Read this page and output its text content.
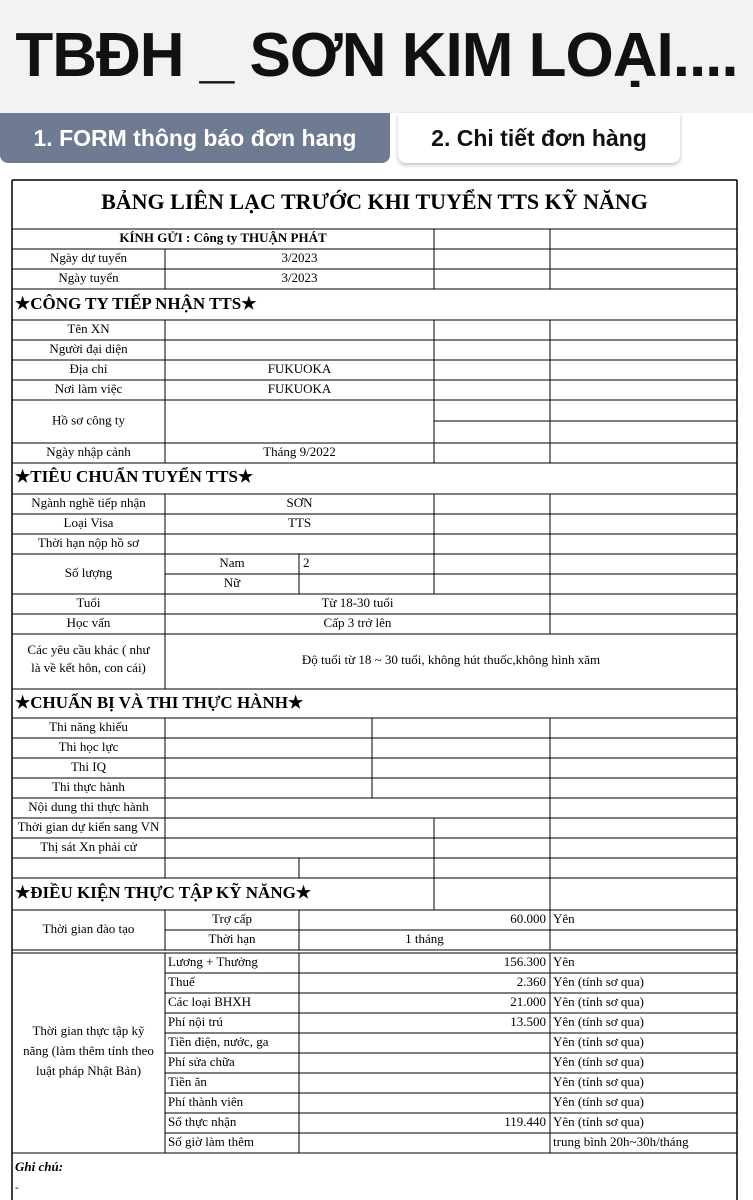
TBĐH _ SƠN KIM LOẠI....
1. FORM thông báo đơn hang	2. Chi tiết đơn hàng
BẢNG LIÊN LẠC TRƯỚC KHI TUYỂN TTS KỸ NĂNG
KÍNH GỬI : Công ty THUẬN PHÁT
Ngày dự tuyển	3/2023
Ngày tuyển	3/2023
★CÔNG TY TIẾP NHẬN TTS★
Tên XN
Người đại diện
Địa chỉ	FUKUOKA
Nơi làm việc	FUKUOKA
Hồ sơ công ty
Ngày nhập cảnh	Tháng 9/2022
★TIÊU CHUẨN TUYỂN TTS★
Ngành nghề tiếp nhận	SƠN
Loại Visa	TTS
Thời hạn nộp hồ sơ
Số lượng
Nam	2
Nữ
Tuổi	Từ 18-30 tuổi
Học vấn	Cấp 3 trở lên
Các yêu cầu khác ( như
là về kết hôn, con cái)
Độ tuổi từ 18 ~ 30 tuổi, không hút thuốc,không hình xăm
★CHUẨN BỊ VÀ THI THỰC HÀNH★
Thi năng khiếu
Thi học lực
Thi IQ
Thi thực hành
Nội dung thi thực hành
Thời gian dự kiến sang VN
Thị sát Xn phải cử
★ĐIỀU KIỆN THỰC TẬP KỸ NĂNG★
Thời gian đào tạo
Trợ cấp	60.000 Yên
Thời hạn	1 tháng
Thời gian thực tập kỹ
năng (làm thêm tính theo
luật pháp Nhật Bản)
Lương + Thưởng	156.300 Yên
Thuế	2.360 Yên (tính sơ qua)
Các loại BHXH	21.000 Yên (tính sơ qua)
Phí nội trú	13.500 Yên (tính sơ qua)
Tiền điện, nước, ga	Yên (tính sơ qua)
Phí sửa chữa	Yên (tính sơ qua)
Tiền ăn	Yên (tính sơ qua)
Phí thành viên	Yên (tính sơ qua)
Số thực nhận	119.440 Yên (tính sơ qua)
Số giờ làm thêm	trung bình 20h~30h/tháng
Ghi chú:
-
